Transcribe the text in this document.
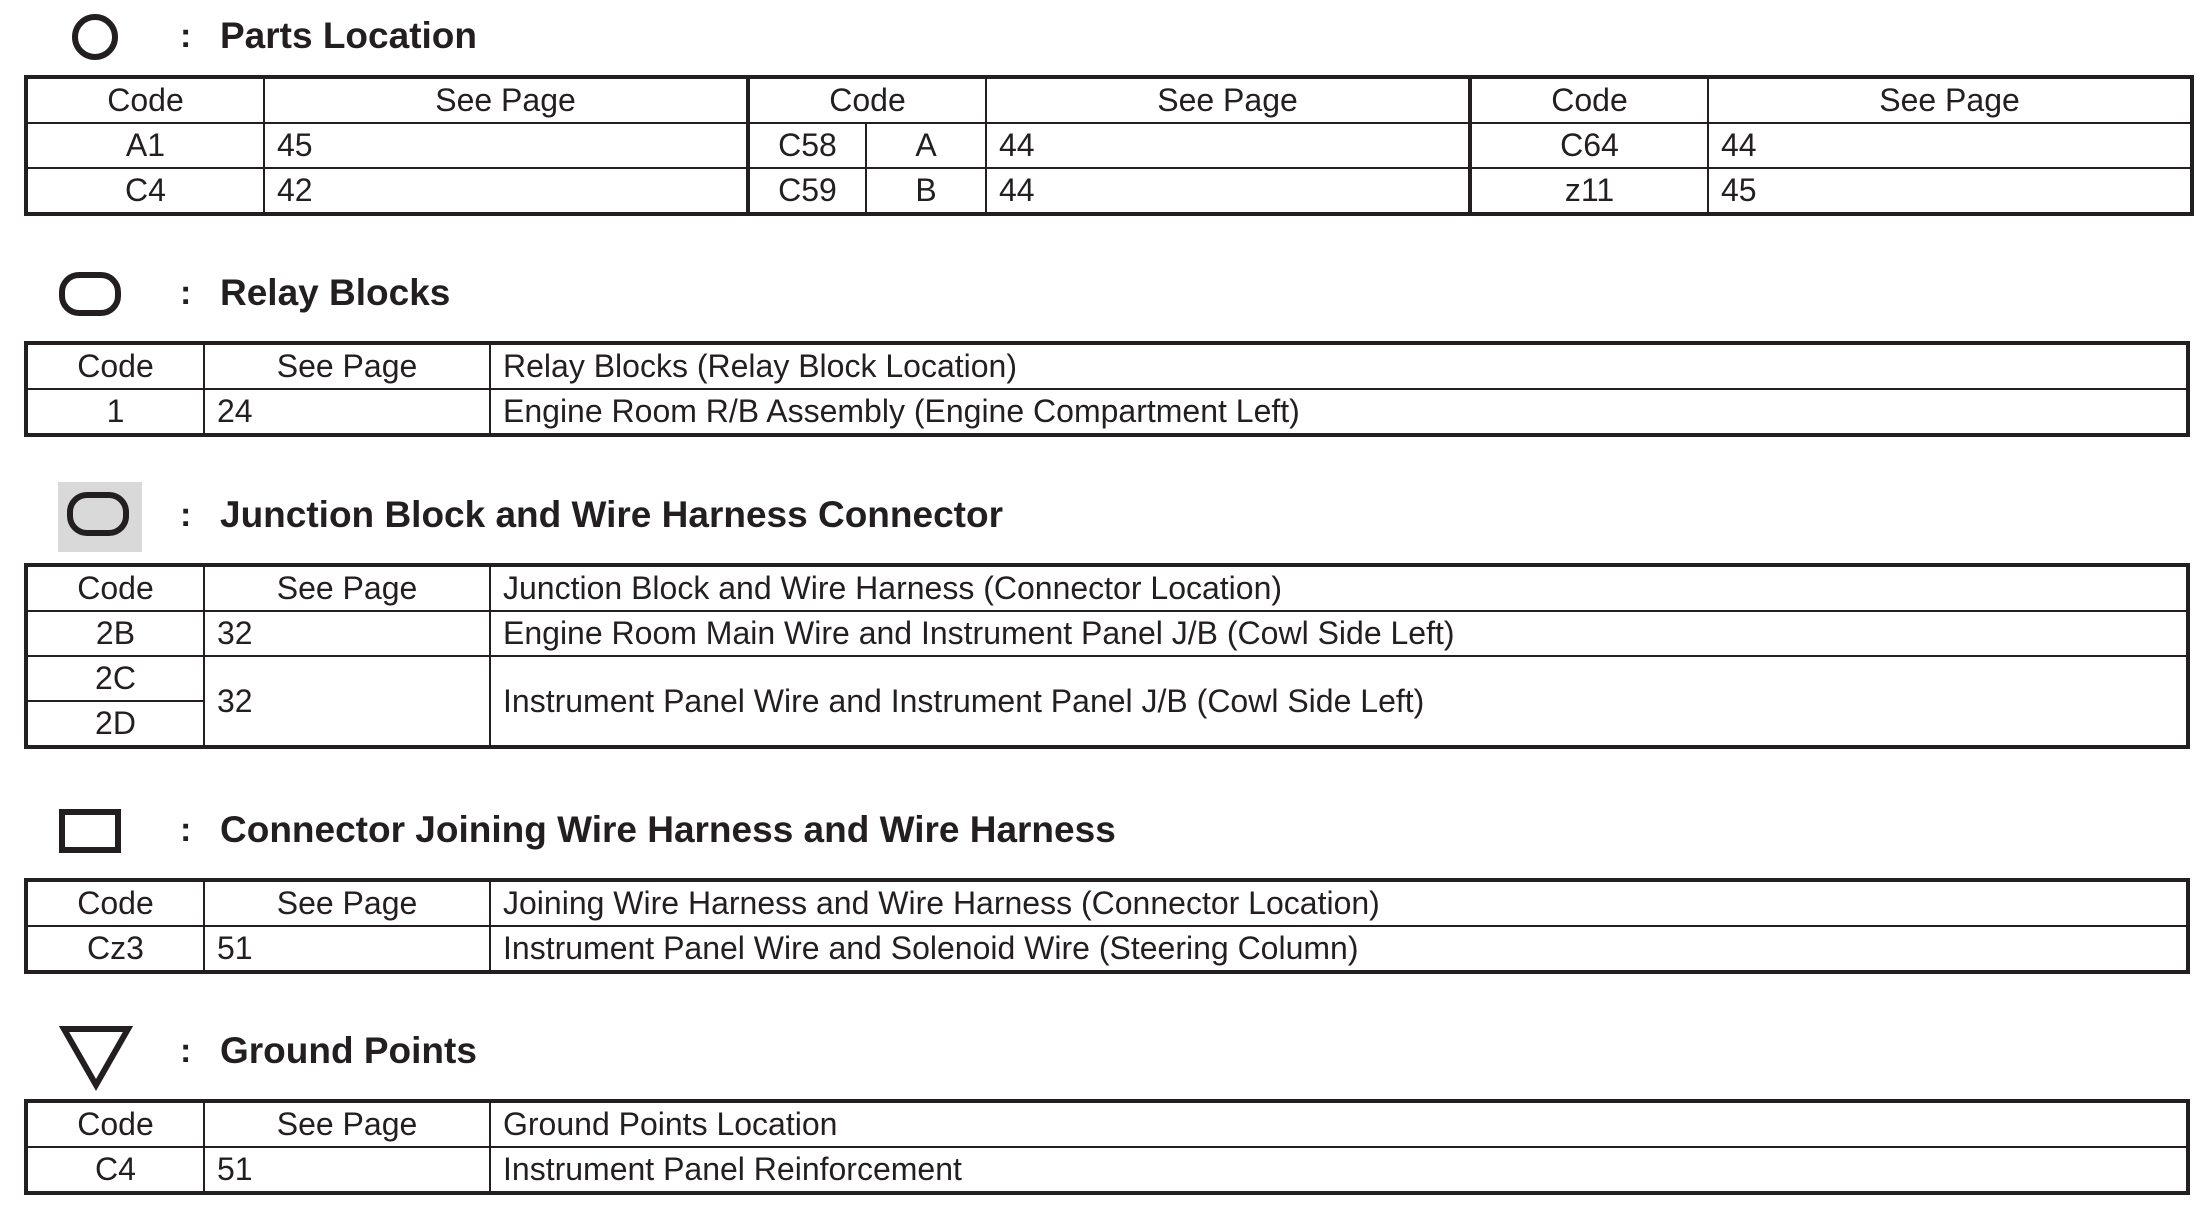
: Parts Location
Code	See Page	Code		See Page	Code	See Page
A1	45	C58	A	44	C64	44
C4	42	C59	B	44	z11	45
: Relay Blocks
Code	See Page	Relay Blocks (Relay Block Location)
1	24	Engine Room R/B Assembly (Engine Compartment Left)
: Junction Block and Wire Harness Connector
Code	See Page	Junction Block and Wire Harness (Connector Location)
2B	32	Engine Room Main Wire and Instrument Panel J/B (Cowl Side Left)
2C	32	Instrument Panel Wire and Instrument Panel J/B (Cowl Side Left)
2D		
: Connector Joining Wire Harness and Wire Harness
Code	See Page	Joining Wire Harness and Wire Harness (Connector Location)
Cz3	51	Instrument Panel Wire and Solenoid Wire (Steering Column)
: Ground Points
Code	See Page	Ground Points Location
C4	51	Instrument Panel Reinforcement
